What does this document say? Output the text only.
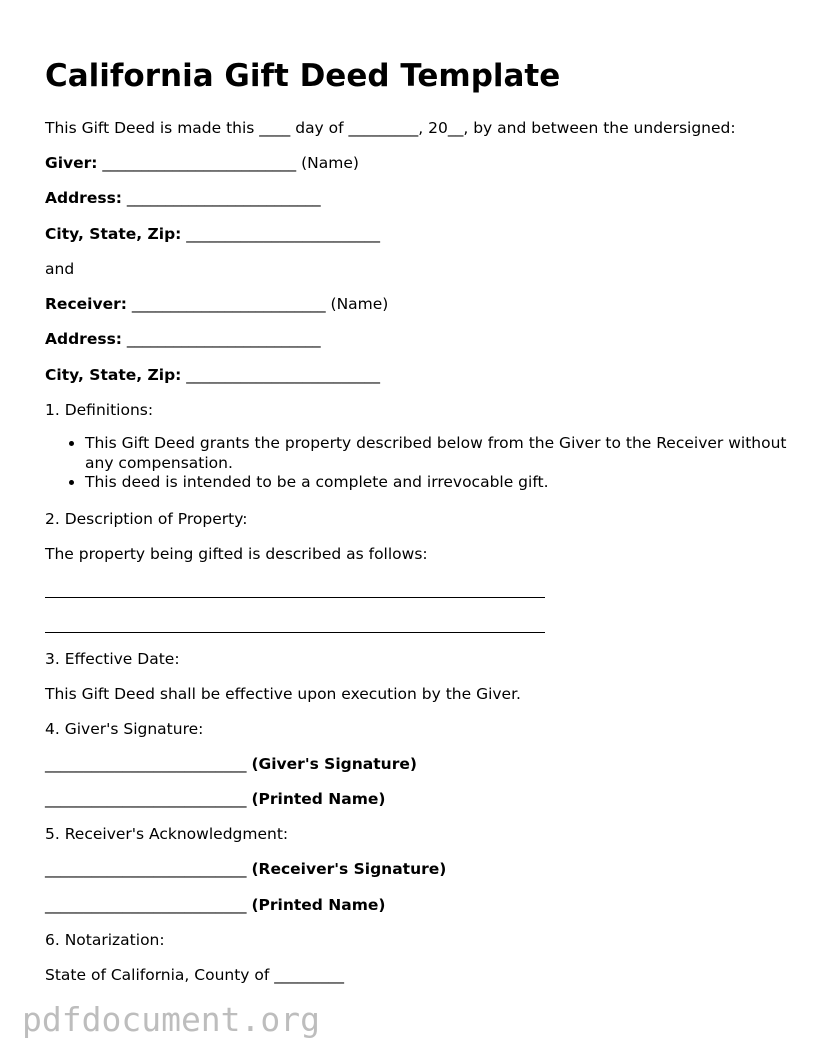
California Gift Deed Template

This Gift Deed is made this ____ day of _________, 20__, by and between the undersigned:

Giver: _________________________ (Name)

Address: _________________________

City, State, Zip: _________________________

and

Receiver: _________________________ (Name)

Address: _________________________

City, State, Zip: _________________________

1. Definitions:

• This Gift Deed grants the property described below from the Giver to the Receiver without any compensation.
• This deed is intended to be a complete and irrevocable gift.

2. Description of Property:

The property being gifted is described as follows:

3. Effective Date:

This Gift Deed shall be effective upon execution by the Giver.

4. Giver's Signature:

__________________________ (Giver's Signature)

__________________________ (Printed Name)

5. Receiver's Acknowledgment:

__________________________ (Receiver's Signature)

__________________________ (Printed Name)

6. Notarization:

State of California, County of _________

pdfdocument.org
